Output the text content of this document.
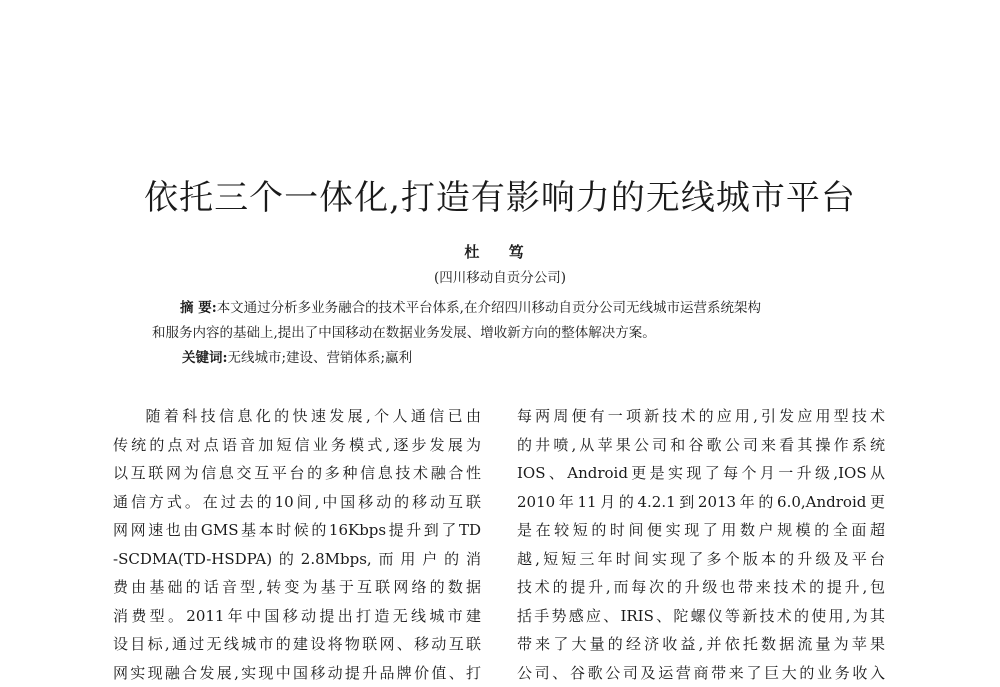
依托三个一体化,打造有影响力的无线城市平台
杜 笃
(四川移动自贡分公司)

摘 要:本文通过分析多业务融合的技术平台体系,在介绍四川移动自贡分公司无线城市运营系统架构

和服务内容的基础上,提出了中国移动在数据业务发展、增收新方向的整体解决方案。

关键词:无线城市;建设、营销体系;赢利
随着科技信息化的快速发展,个人通信已由
传统的点对点语音加短信业务模式,逐步发展为
以互联网为信息交互平台的多种信息技术融合性
通信方式。在过去的10间,中国移动的移动互联
网网速也由GMS基本时候的16Kbps提升到了TD
-SCDMA(TD-HSDPA)的2.8Mbps,而用户的消
费由基础的话音型,转变为基于互联网络的数据
消费型。2011年中国移动提出打造无线城市建
设目标,通过无线城市的建设将物联网、移动互联
网实现融合发展,实现中国移动提升品牌价值、打
每两周便有一项新技术的应用,引发应用型技术
的井喷,从苹果公司和谷歌公司来看其操作系统
IOS、Android更是实现了每个月一升级,IOS从
2010年11月的4.2.1到2013年的6.0,Android更
是在较短的时间便实现了用数户规模的全面超
越,短短三年时间实现了多个版本的升级及平台
技术的提升,而每次的升级也带来技术的提升,包
括手势感应、IRIS、陀螺仪等新技术的使用,为其
带来了大量的经济收益,并依托数据流量为苹果
公司、谷歌公司及运营商带来了巨大的业务收入
